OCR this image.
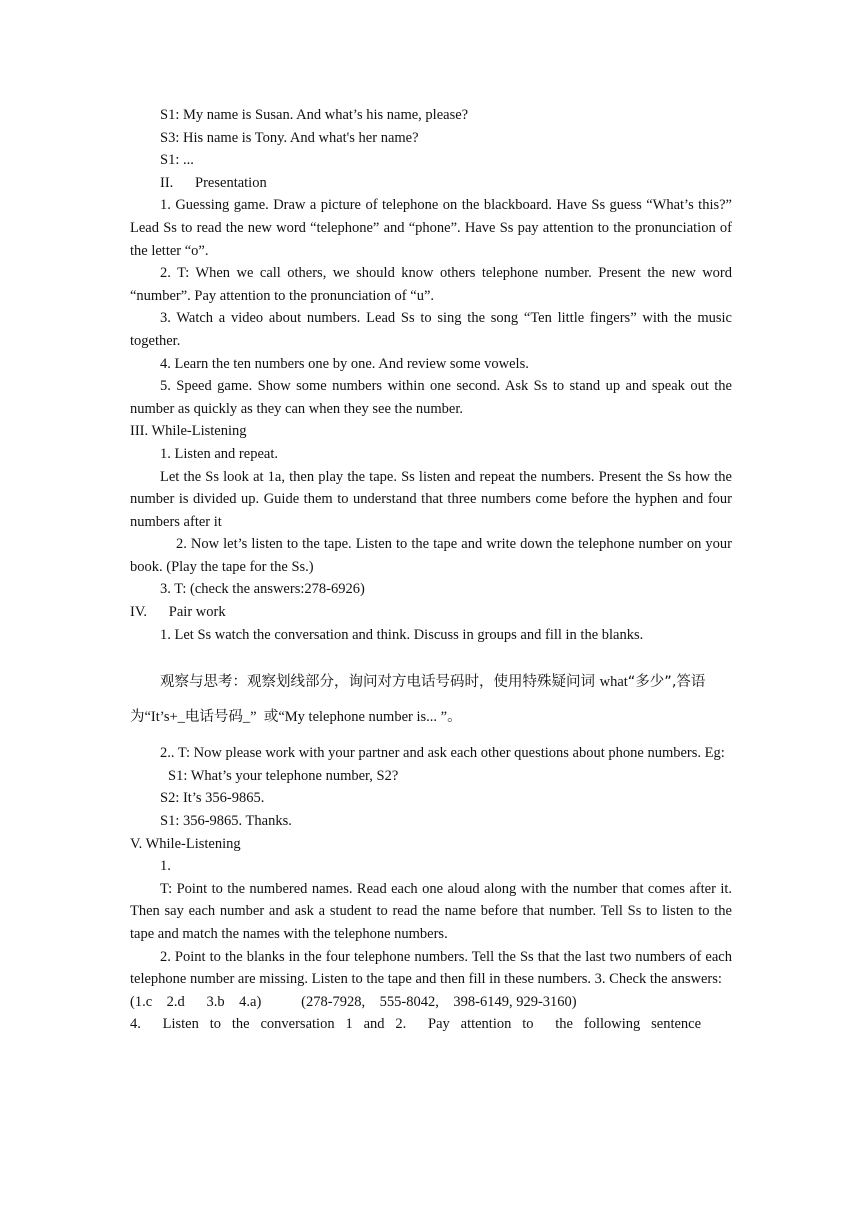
S1: My name is Susan. And what’s his name, please?

S3: His name is Tony. And what's her name?

S1: ...

II.      Presentation

1. Guessing game. Draw a picture of telephone on the blackboard. Have Ss guess “What’s this?” Lead Ss to read the new word “telephone” and “phone”. Have Ss pay attention to the pronunciation of the letter “o”.

2. T: When we call others, we should know others telephone number. Present the new word “number”. Pay attention to the pronunciation of “u”.

3. Watch a video about numbers. Lead Ss to sing the song “Ten little fingers” with the music together.

4. Learn the ten numbers one by one. And review some vowels.

5. Speed game. Show some numbers within one second. Ask Ss to stand up and speak out the number as quickly as they can when they see the number.

III. While-Listening

1. Listen and repeat.

Let the Ss look at 1a, then play the tape. Ss listen and repeat the numbers. Present the Ss how the number is divided up. Guide them to understand that three numbers come before the hyphen and four numbers after it

2. Now let’s listen to the tape. Listen to the tape and write down the telephone number on your book. (Play the tape for the Ss.)

3. T: (check the answers:278-6926)

IV.      Pair work

1. Let Ss watch the conversation and think. Discuss in groups and fill in the blanks.

观察与思考：观察划线部分，询问对方电话号码时，使用特殊疑问词 what“多少”,答语

为“It’s+_电话号码_”  或“My telephone number is... ”。

2.. T: Now please work with your partner and ask each other questions about phone numbers. Eg:

S1: What’s your telephone number, S2?

S2: It’s 356-9865.

S1: 356-9865. Thanks.

V. While-Listening

1.

T: Point to the numbered names. Read each one aloud along with the number that comes after it. Then say each number and ask a student to read the name before that number. Tell Ss to listen to the tape and match the names with the telephone numbers.

2. Point to the blanks in the four telephone numbers. Tell the Ss that the last two numbers of each telephone number are missing. Listen to the tape and then fill in these numbers. 3. Check the answers:

(1.c    2.d      3.b    4.a)           (278-7928,    555-8042,    398-6149, 929-3160)

4.      Listen   to   the   conversation   1   and   2.      Pay   attention   to      the   following   sentence
